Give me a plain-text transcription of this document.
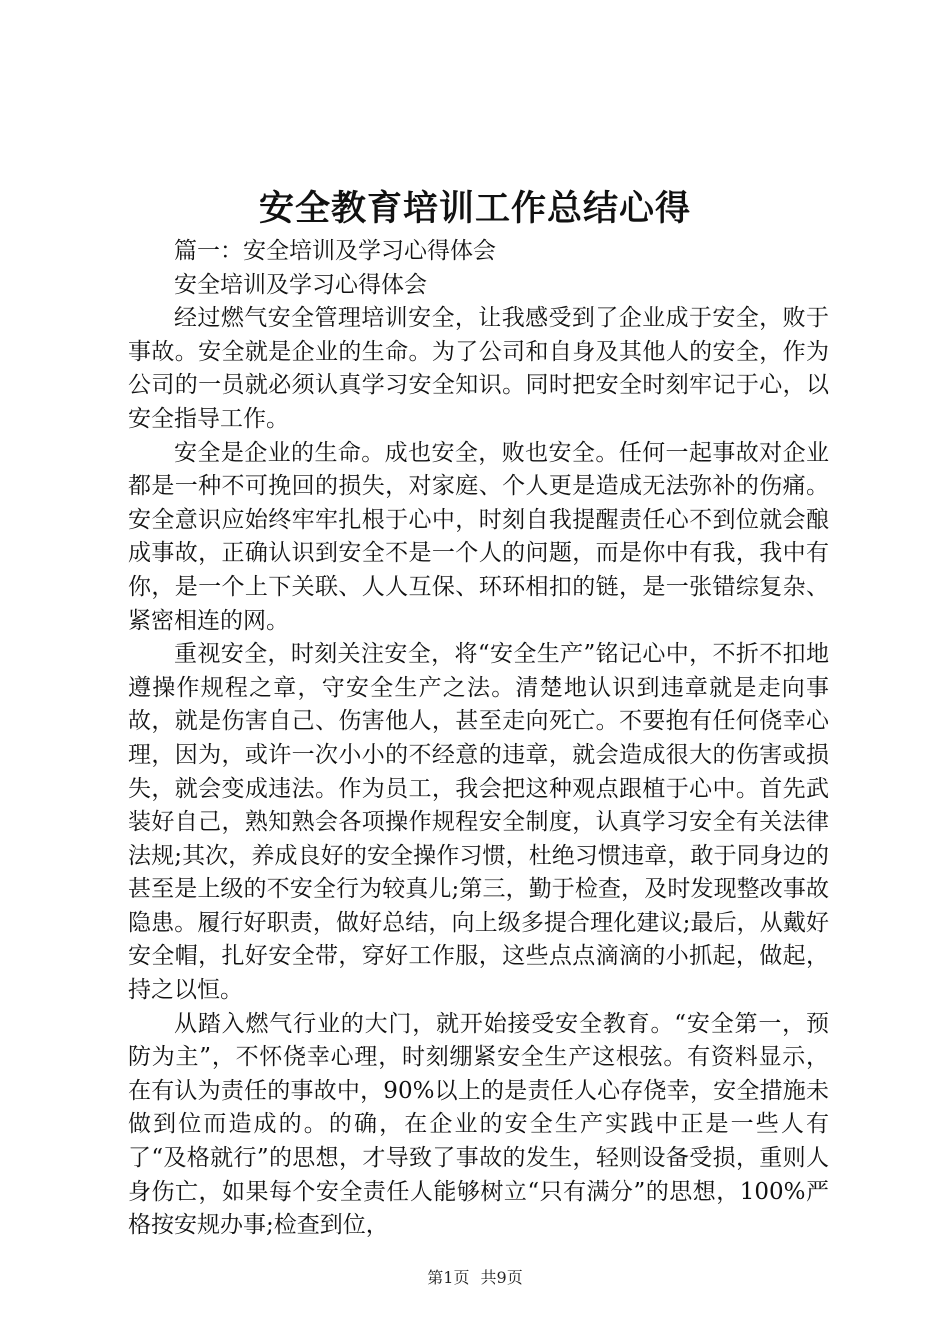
安全教育培训工作总结心得

篇一：安全培训及学习心得体会

安全培训及学习心得体会

经过燃气安全管理培训安全，让我感受到了企业成于安全，败于事故。安全就是企业的生命。为了公司和自身及其他人的安全，作为公司的一员就必须认真学习安全知识。同时把安全时刻牢记于心，以安全指导工作。

安全是企业的生命。成也安全，败也安全。任何一起事故对企业都是一种不可挽回的损失，对家庭、个人更是造成无法弥补的伤痛。安全意识应始终牢牢扎根于心中，时刻自我提醒责任心不到位就会酿成事故，正确认识到安全不是一个人的问题，而是你中有我，我中有你，是一个上下关联、人人互保、环环相扣的链，是一张错综复杂、紧密相连的网。

重视安全，时刻关注安全，将“安全生产”铭记心中，不折不扣地遵操作规程之章，守安全生产之法。清楚地认识到违章就是走向事故，就是伤害自己、伤害他人，甚至走向死亡。不要抱有任何侥幸心理，因为，或许一次小小的不经意的违章，就会造成很大的伤害或损失，就会变成违法。作为员工，我会把这种观点跟植于心中。首先武装好自己，熟知熟会各项操作规程安全制度，认真学习安全有关法律法规;其次，养成良好的安全操作习惯，杜绝习惯违章，敢于同身边的甚至是上级的不安全行为较真儿;第三，勤于检查，及时发现整改事故隐患。履行好职责，做好总结，向上级多提合理化建议;最后，从戴好安全帽，扎好安全带，穿好工作服，这些点点滴滴的小抓起，做起，持之以恒。

从踏入燃气行业的大门，就开始接受安全教育。“安全第一，预防为主”，不怀侥幸心理，时刻绷紧安全生产这根弦。有资料显示，在有认为责任的事故中，90%以上的是责任人心存侥幸，安全措施未做到位而造成的。的确，在企业的安全生产实践中正是一些人有了“及格就行”的思想，才导致了事故的发生，轻则设备受损，重则人身伤亡，如果每个安全责任人能够树立“只有满分”的思想，100%严格按安规办事;检查到位，

第1页 共9页
